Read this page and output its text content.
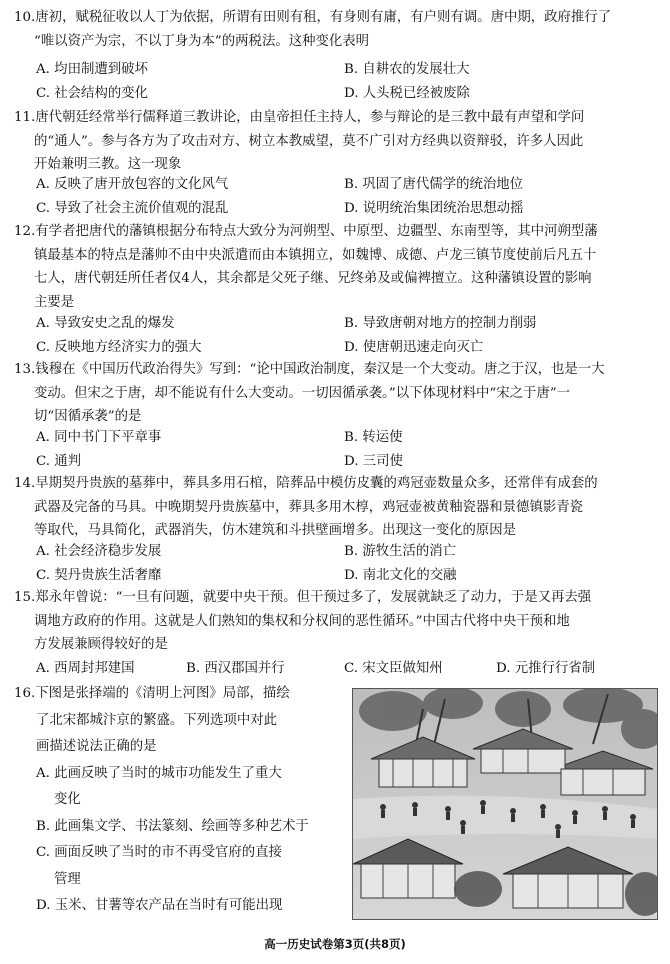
10.唐初，赋税征收以人丁为依据，所谓有田则有租，有身则有庸，有户则有调。唐中期，政府推行了

“唯以资产为宗，不以丁身为本”的两税法。这种变化表明

A. 均田制遭到破坏	B. 自耕农的发展壮大
C. 社会结构的变化	D. 人头税已经被废除

11.唐代朝廷经常举行儒释道三教讲论，由皇帝担任主持人，参与辩论的是三教中最有声望和学问

的“通人”。参与各方为了攻击对方、树立本教威望，莫不广引对方经典以资辩驳，许多人因此

开始兼明三教。这一现象

A. 反映了唐开放包容的文化风气	B. 巩固了唐代儒学的统治地位
C. 导致了社会主流价值观的混乱	D. 说明统治集团统治思想动摇

12.有学者把唐代的藩镇根据分布特点大致分为河朔型、中原型、边疆型、东南型等，其中河朔型藩

镇最基本的特点是藩帅不由中央派遣而由本镇拥立，如魏博、成德、卢龙三镇节度使前后凡五十

七人，唐代朝廷所任者仅4人，其余都是父死子继、兄终弟及或偏裨擅立。这种藩镇设置的影响

主要是

A. 导致安史之乱的爆发	B. 导致唐朝对地方的控制力削弱
C. 反映地方经济实力的强大	D. 使唐朝迅速走向灭亡

13.钱穆在《中国历代政治得失》写到：“论中国政治制度，秦汉是一个大变动。唐之于汉，也是一大

变动。但宋之于唐，却不能说有什么大变动。一切因循承袭。”以下体现材料中“宋之于唐”一

切“因循承袭”的是

A. 同中书门下平章事	B. 转运使
C. 通判	D. 三司使

14.早期契丹贵族的墓葬中，葬具多用石棺，陪葬品中模仿皮囊的鸡冠壶数量众多，还常伴有成套的

武器及完备的马具。中晚期契丹贵族墓中，葬具多用木椁，鸡冠壶被黄釉瓷器和景德镇影青瓷

等取代，马具简化，武器消失，仿木建筑和斗拱壁画增多。出现这一变化的原因是

A. 社会经济稳步发展	B. 游牧生活的消亡
C. 契丹贵族生活奢靡	D. 南北文化的交融

15.郑永年曾说：“一旦有问题，就要中央干预。但干预过多了，发展就缺乏了动力，于是又再去强

调地方政府的作用。这就是人们熟知的集权和分权间的恶性循环。”中国古代将中央干预和地

方发展兼顾得较好的是

A. 西周封邦建国	B. 西汉郡国并行	C. 宋文臣做知州	D. 元推行行省制
16.下图是张择端的《清明上河图》局部，描绘
了北宋都城汴京的繁盛。下列选项中对此
画描述说法正确的是
A. 此画反映了当时的城市功能发生了重大
变化
B. 此画集文学、书法篆刻、绘画等多种艺术于
C. 画面反映了当时的市不再受官府的直接
管理
D. 玉米、甘薯等农产品在当时有可能出现
高一历史试卷第3页(共8页)
